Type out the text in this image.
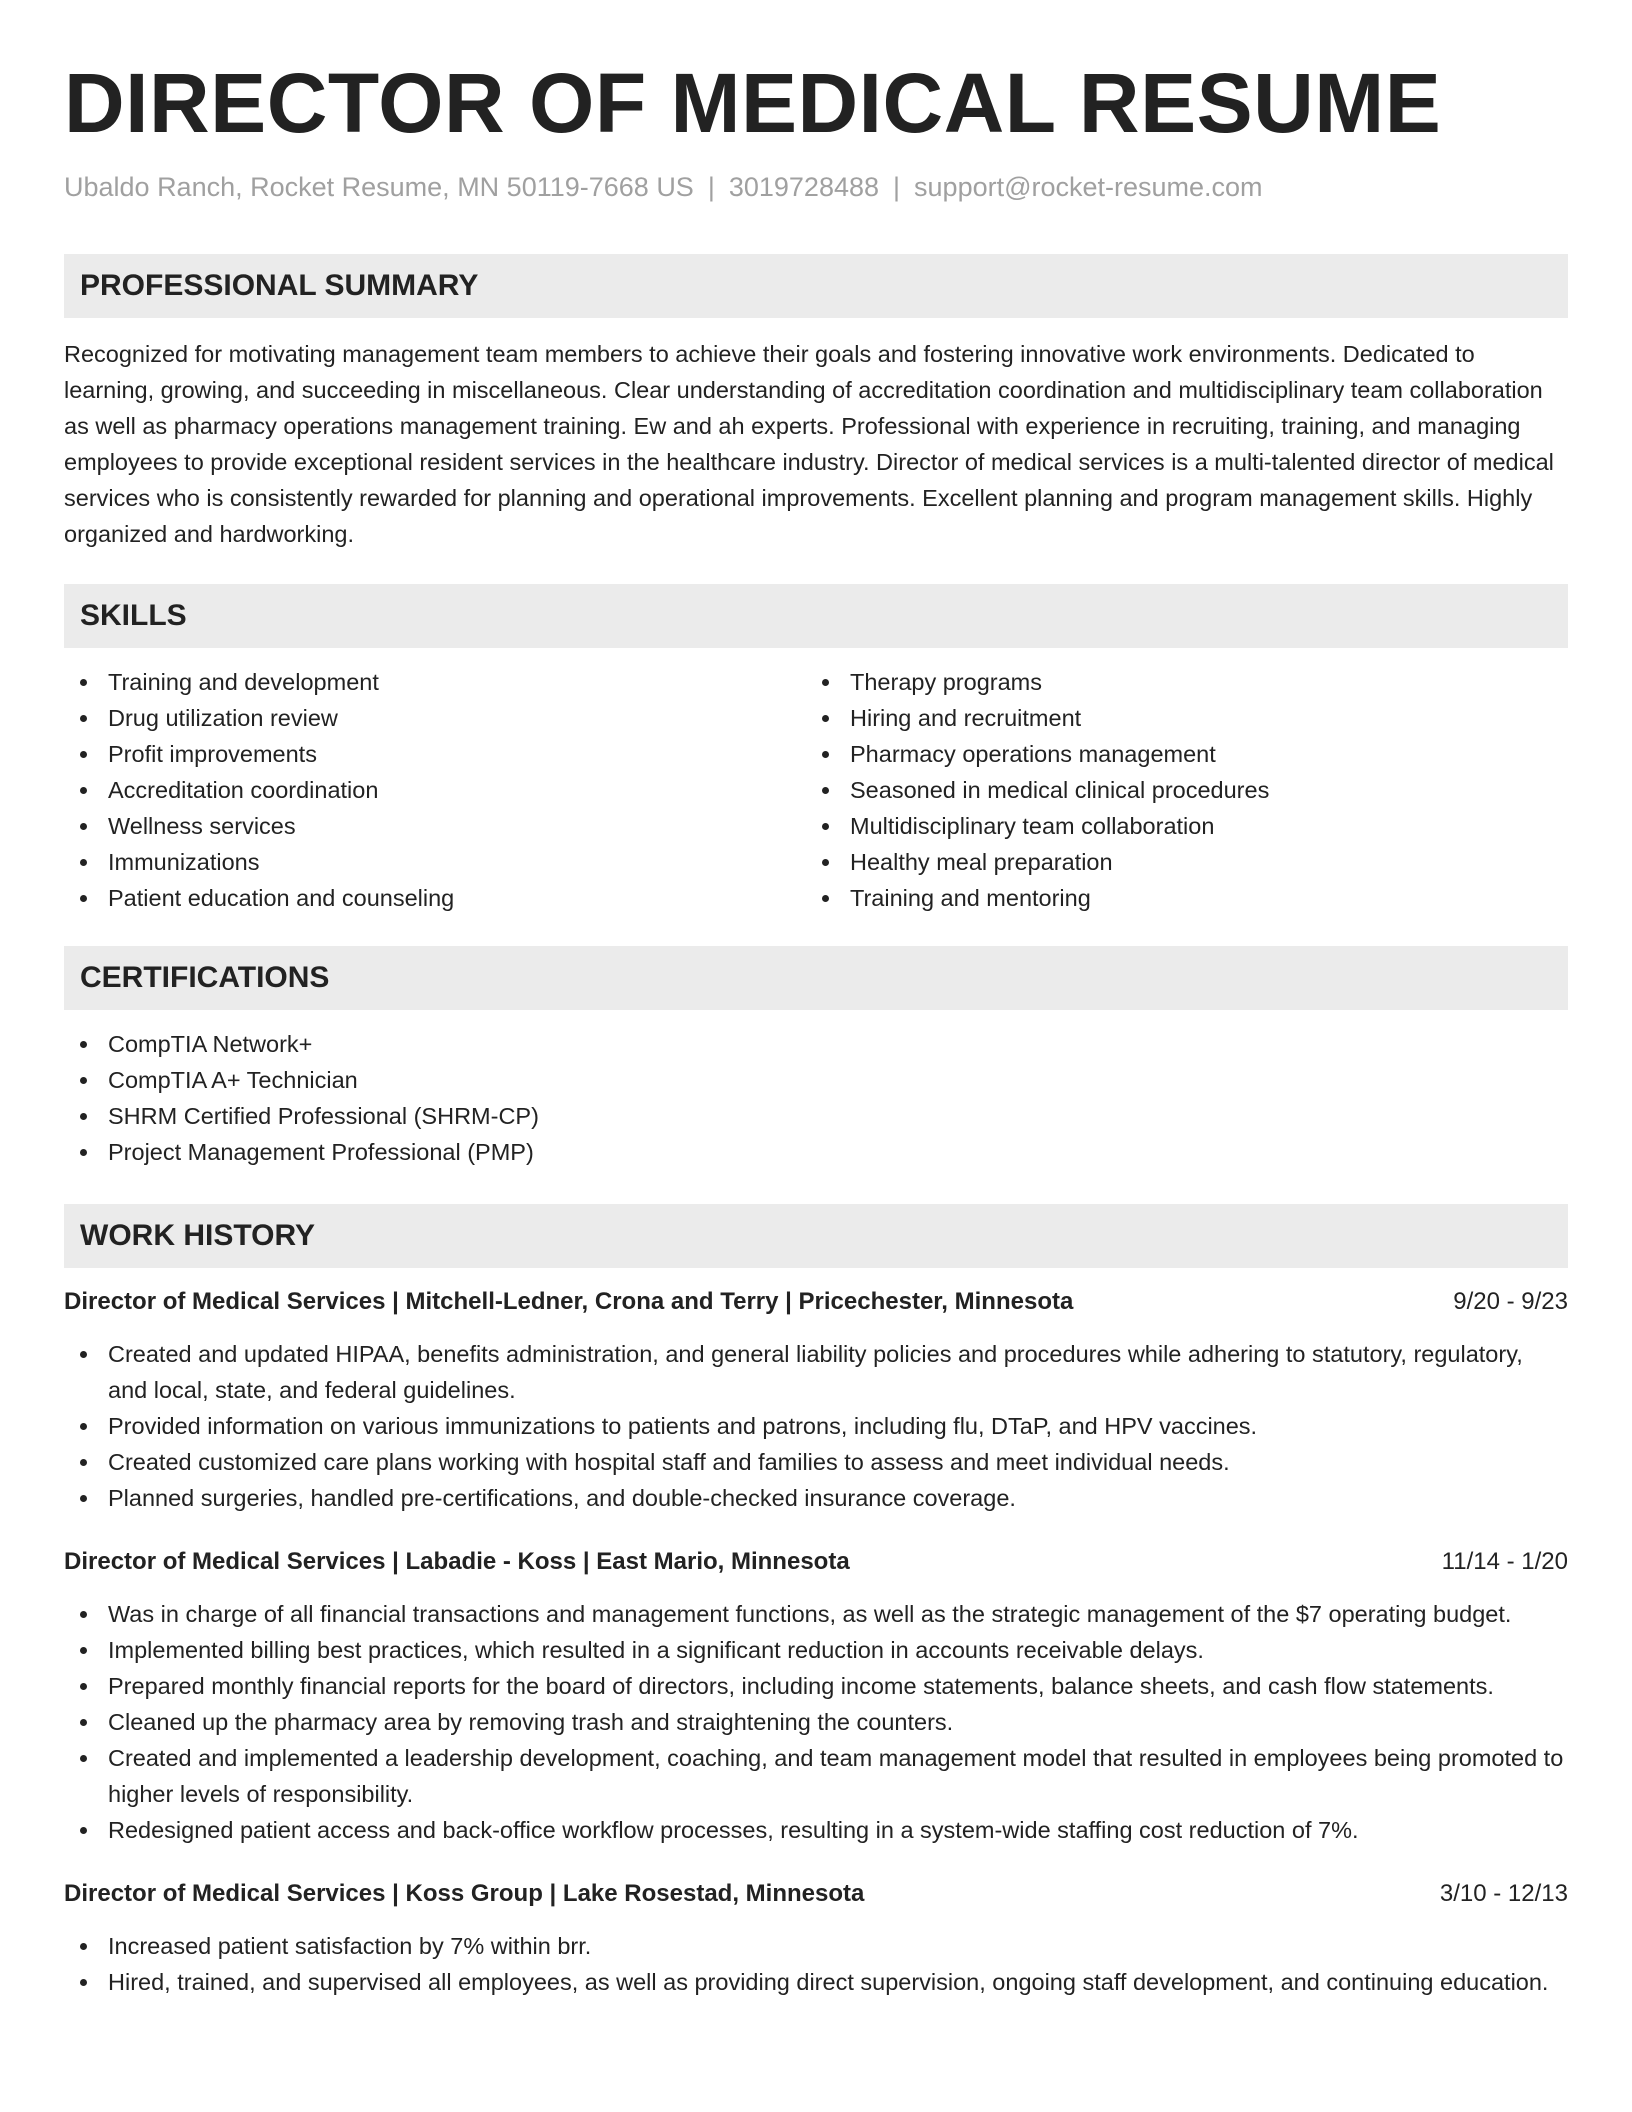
DIRECTOR OF MEDICAL RESUME
Ubaldo Ranch, Rocket Resume, MN 50119-7668 US | 3019728488 | support@rocket-resume.com
PROFESSIONAL SUMMARY

Recognized for motivating management team members to achieve their goals and fostering innovative work environments. Dedicated to learning, growing, and succeeding in miscellaneous. Clear understanding of accreditation coordination and multidisciplinary team collaboration as well as pharmacy operations management training. Ew and ah experts. Professional with experience in recruiting, training, and managing employees to provide exceptional resident services in the healthcare industry. Director of medical services is a multi-talented director of medical services who is consistently rewarded for planning and operational improvements. Excellent planning and program management skills. Highly organized and hardworking.

SKILLS
Training and development
Drug utilization review
Profit improvements
Accreditation coordination
Wellness services
Immunizations
Patient education and counseling
Therapy programs
Hiring and recruitment
Pharmacy operations management
Seasoned in medical clinical procedures
Multidisciplinary team collaboration
Healthy meal preparation
Training and mentoring
CERTIFICATIONS
CompTIA Network+
CompTIA A+ Technician
SHRM Certified Professional (SHRM-CP)
Project Management Professional (PMP)
WORK HISTORY
Director of Medical Services | Mitchell-Ledner, Crona and Terry | Pricechester, Minnesota	9/20 - 9/23
Created and updated HIPAA, benefits administration, and general liability policies and procedures while adhering to statutory, regulatory, and local, state, and federal guidelines.
Provided information on various immunizations to patients and patrons, including flu, DTaP, and HPV vaccines.
Created customized care plans working with hospital staff and families to assess and meet individual needs.
Planned surgeries, handled pre-certifications, and double-checked insurance coverage.
Director of Medical Services | Labadie - Koss | East Mario, Minnesota	11/14 - 1/20
Was in charge of all financial transactions and management functions, as well as the strategic management of the $7 operating budget.
Implemented billing best practices, which resulted in a significant reduction in accounts receivable delays.
Prepared monthly financial reports for the board of directors, including income statements, balance sheets, and cash flow statements.
Cleaned up the pharmacy area by removing trash and straightening the counters.
Created and implemented a leadership development, coaching, and team management model that resulted in employees being promoted to higher levels of responsibility.
Redesigned patient access and back-office workflow processes, resulting in a system-wide staffing cost reduction of 7%.
Director of Medical Services | Koss Group | Lake Rosestad, Minnesota	3/10 - 12/13
Increased patient satisfaction by 7% within brr.
Hired, trained, and supervised all employees, as well as providing direct supervision, ongoing staff development, and continuing education.
